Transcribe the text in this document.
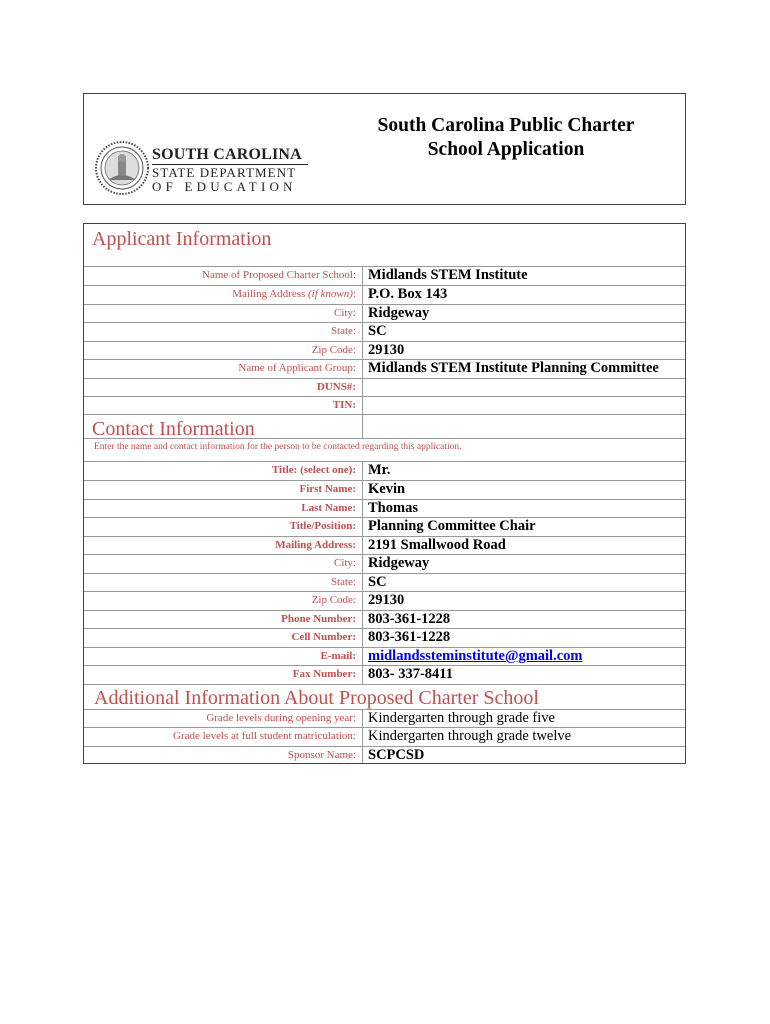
SOUTH CAROLINA
STATE DEPARTMENT
OF EDUCATION
South Carolina Public Charter
School Application
Applicant Information
Name of Proposed Charter School: Midlands STEM Institute
Mailing Address (if known): P.O. Box 143
City: Ridgeway
State: SC
Zip Code: 29130
Name of Applicant Group: Midlands STEM Institute Planning Committee
DUNS#:
TIN:
Contact Information
Enter the name and contact information for the person to be contacted regarding this application.
Title: (select one): Mr.
First Name: Kevin
Last Name: Thomas
Title/Position: Planning Committee Chair
Mailing Address: 2191 Smallwood Road
City: Ridgeway
State: SC
Zip Code: 29130
Phone Number: 803-361-1228
Cell Number: 803-361-1228
E-mail: midlandssteminstitute@gmail.com
Fax Number: 803- 337-8411
Additional Information About Proposed Charter School
Grade levels during opening year: Kindergarten through grade five
Grade levels at full student matriculation: Kindergarten through grade twelve
Sponsor Name: SCPCSD
